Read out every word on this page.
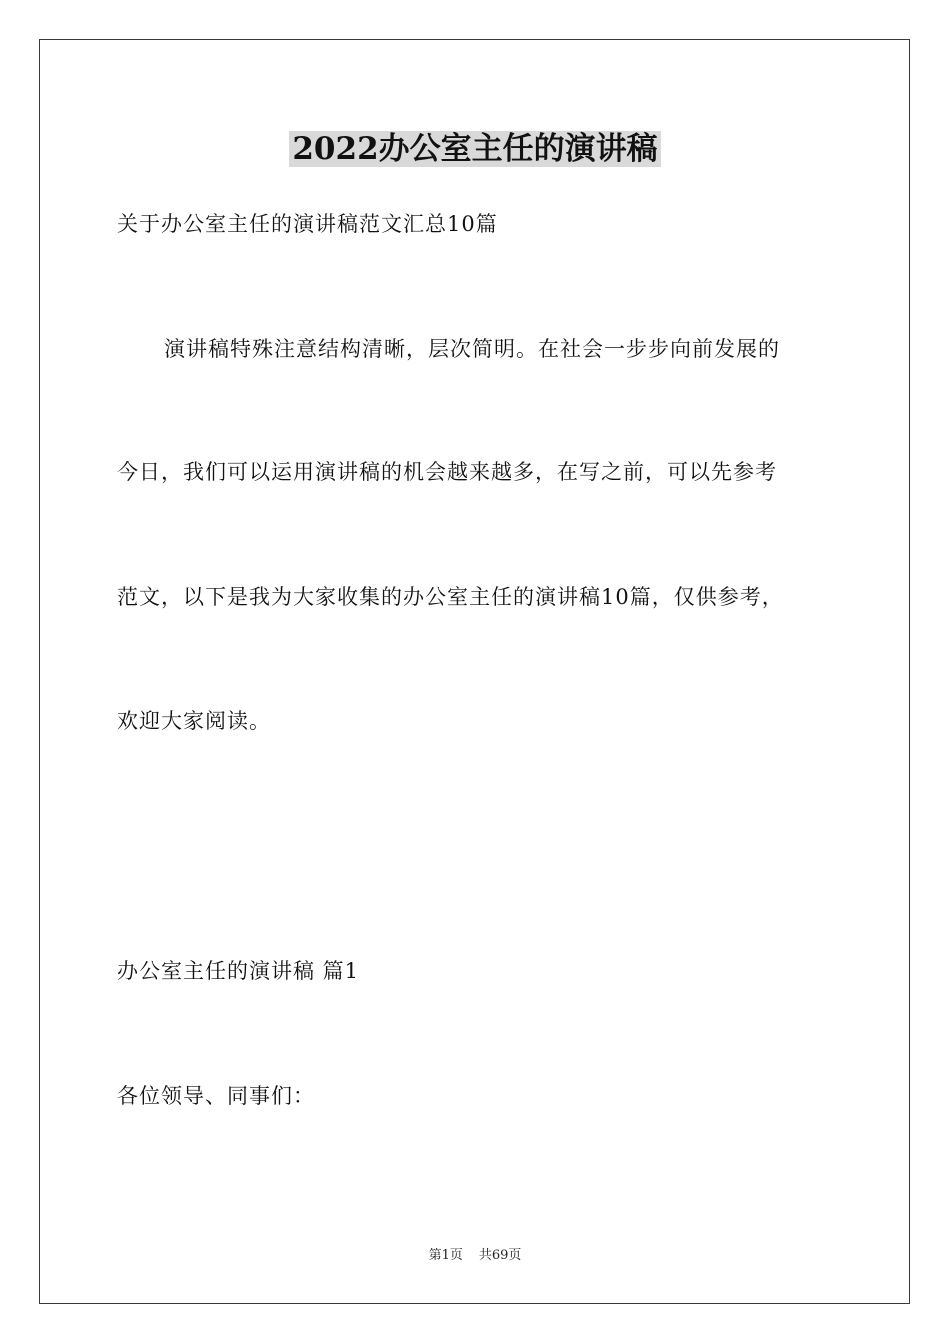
2022办公室主任的演讲稿
关于办公室主任的演讲稿范文汇总10篇
演讲稿特殊注意结构清晰，层次简明。在社会一步步向前发展的
今日，我们可以运用演讲稿的机会越来越多，在写之前，可以先参考
范文，以下是我为大家收集的办公室主任的演讲稿10篇，仅供参考，
欢迎大家阅读。
办公室主任的演讲稿 篇1
各位领导、同事们：
第1页 共69页
